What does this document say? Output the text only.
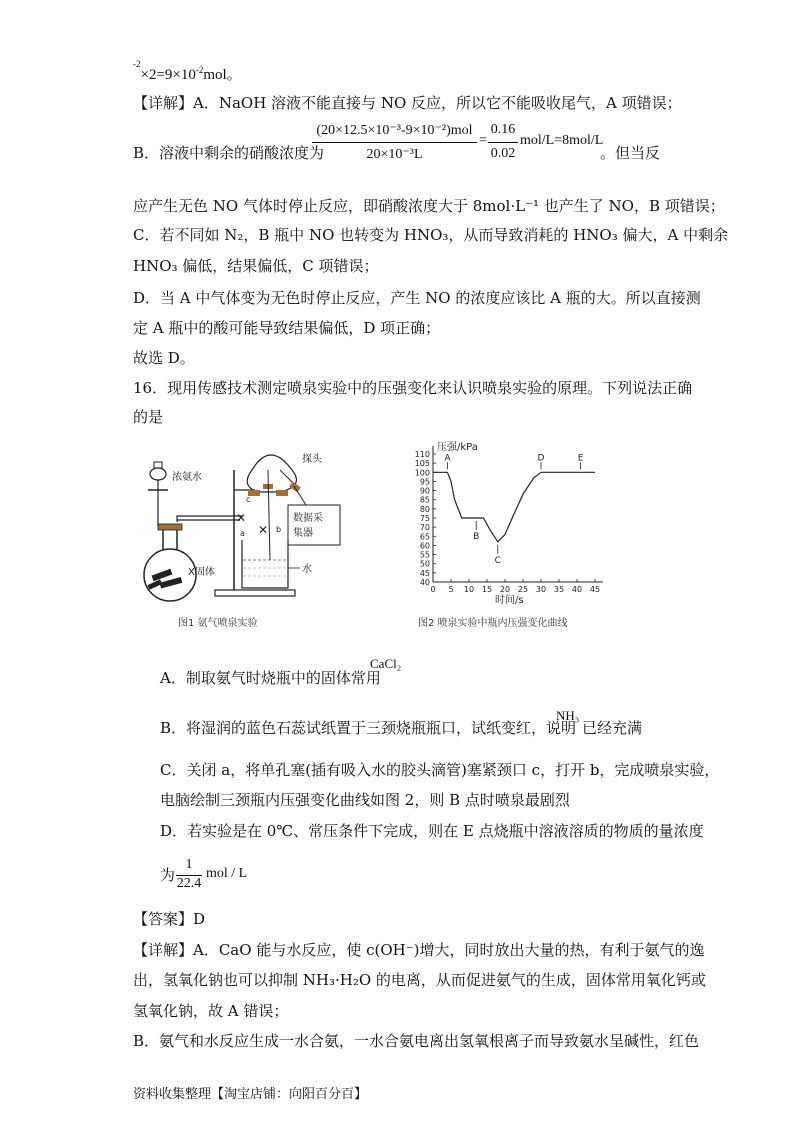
$^{-2}\times 2=9\times 10^{-2}mol$。
【详解】A．NaOH 溶液不能直接与 NO 反应，所以它不能吸收尾气，A 项错误；
B．溶液中剩余的硝酸浓度为
(20×12.5×10⁻³-9×10⁻²)mol
20×10⁻³L
=
0.16
0.02
mol/L=8mol/L
。但当反
应产生无色 NO 气体时停止反应，即硝酸浓度大于 8mol·L⁻¹ 也产生了 NO，B 项错误；
C．若不同如 N₂，B 瓶中 NO 也转变为 HNO₃，从而导致消耗的 HNO₃ 偏大，A 中剩余
HNO₃ 偏低，结果偏低，C 项错误；
D．当 A 中气体变为无色时停止反应，产生 NO 的浓度应该比 A 瓶的大。所以直接测
定 A 瓶中的酸可能导致结果偏低，D 项正确；
故选 D。
16．现用传感技术测定喷泉实验中的压强变化来认识喷泉实验的原理。下列说法正确
的是
浓氨水
X固体
探头
数据采
集器
✕
✕
a	b
c
水
图1 氨气喷泉实验
压强/kPa
时间/s
0 5 10 15 20 25 30 35 40 45
40
45
50
55
60
65
70
75
80
85
90
95
100
105
110 A
B
C
D	E
图2 喷泉实验中瓶内压强变化曲线
A．制取氨气时烧瓶中的固体常用
CaCl₂
B．将湿润的蓝色石蕊试纸置于三颈烧瓶瓶口，试纸变红，说明
NH₃
已经充满
C．关闭 a，将单孔塞(插有吸入水的胶头滴管)塞紧颈口 c，打开 b，完成喷泉实验，
电脑绘制三颈瓶内压强变化曲线如图 2，则 B 点时喷泉最剧烈
D．若实验是在 0℃、常压条件下完成，则在 E 点烧瓶中溶液溶质的物质的量浓度
为
1
22.4
mol / L
【答案】D
【详解】A．CaO 能与水反应，使 c(OH⁻)增大，同时放出大量的热，有利于氨气的逸
出，氢氧化钠也可以抑制 NH₃·H₂O 的电离，从而促进氨气的生成，固体常用氧化钙或
氢氧化钠，故 A 错误；
B．氨气和水反应生成一水合氨，一水合氨电离出氢氧根离子而导致氨水呈碱性，红色
资料收集整理【淘宝店铺：向阳百分百】
